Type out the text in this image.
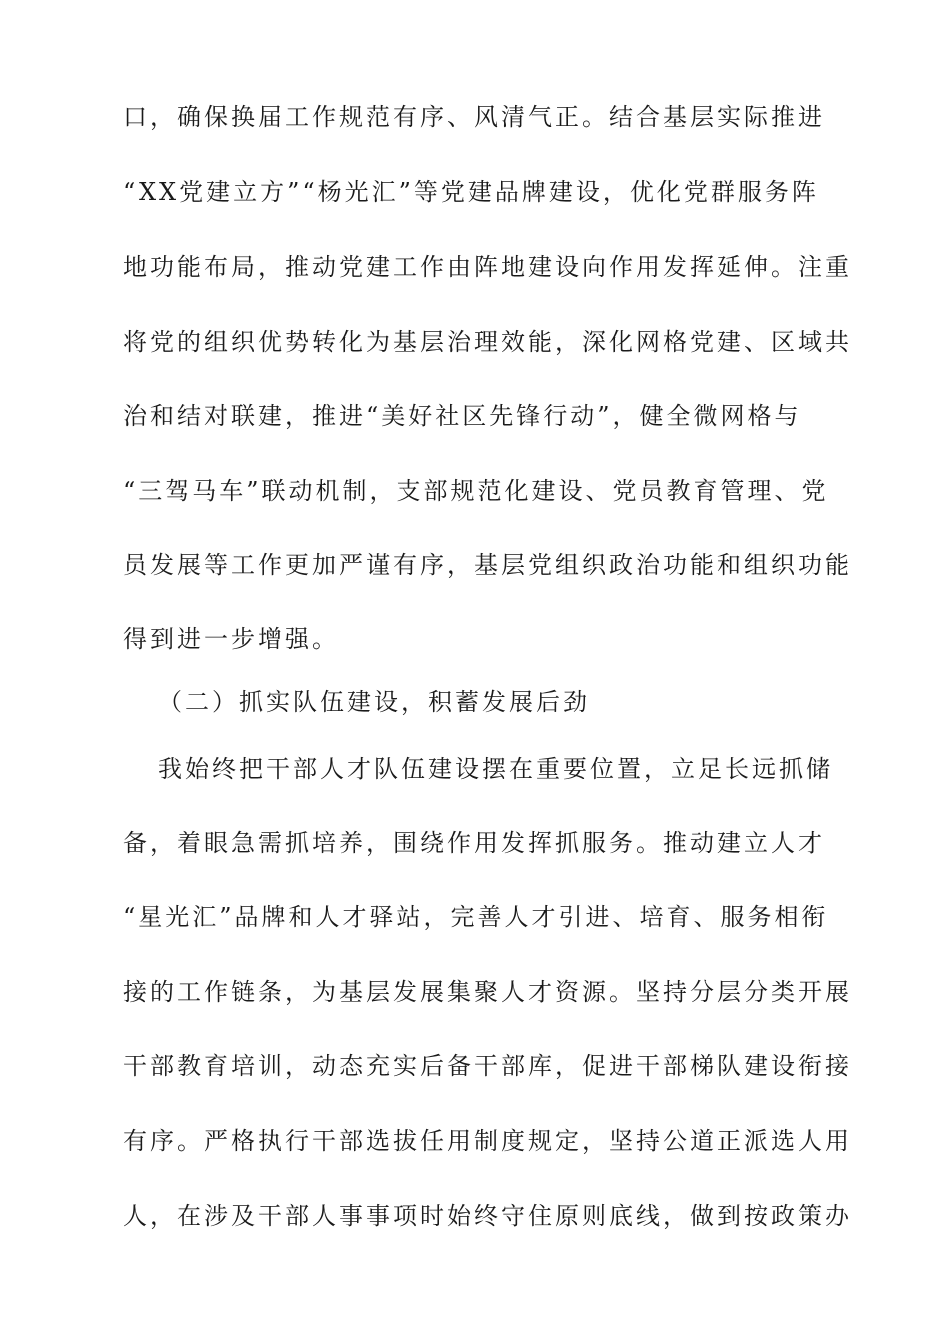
口，确保换届工作规范有序、风清气正。结合基层实际推进
“XX党建立方”“杨光汇”等党建品牌建设，优化党群服务阵
地功能布局，推动党建工作由阵地建设向作用发挥延伸。注重
将党的组织优势转化为基层治理效能，深化网格党建、区域共
治和结对联建，推进“美好社区先锋行动”，健全微网格与
“三驾马车”联动机制，支部规范化建设、党员教育管理、党
员发展等工作更加严谨有序，基层党组织政治功能和组织功能
得到进一步增强。
（二）抓实队伍建设，积蓄发展后劲
我始终把干部人才队伍建设摆在重要位置，立足长远抓储
备，着眼急需抓培养，围绕作用发挥抓服务。推动建立人才
“星光汇”品牌和人才驿站，完善人才引进、培育、服务相衔
接的工作链条，为基层发展集聚人才资源。坚持分层分类开展
干部教育培训，动态充实后备干部库，促进干部梯队建设衔接
有序。严格执行干部选拔任用制度规定，坚持公道正派选人用
人，在涉及干部人事事项时始终守住原则底线，做到按政策办
